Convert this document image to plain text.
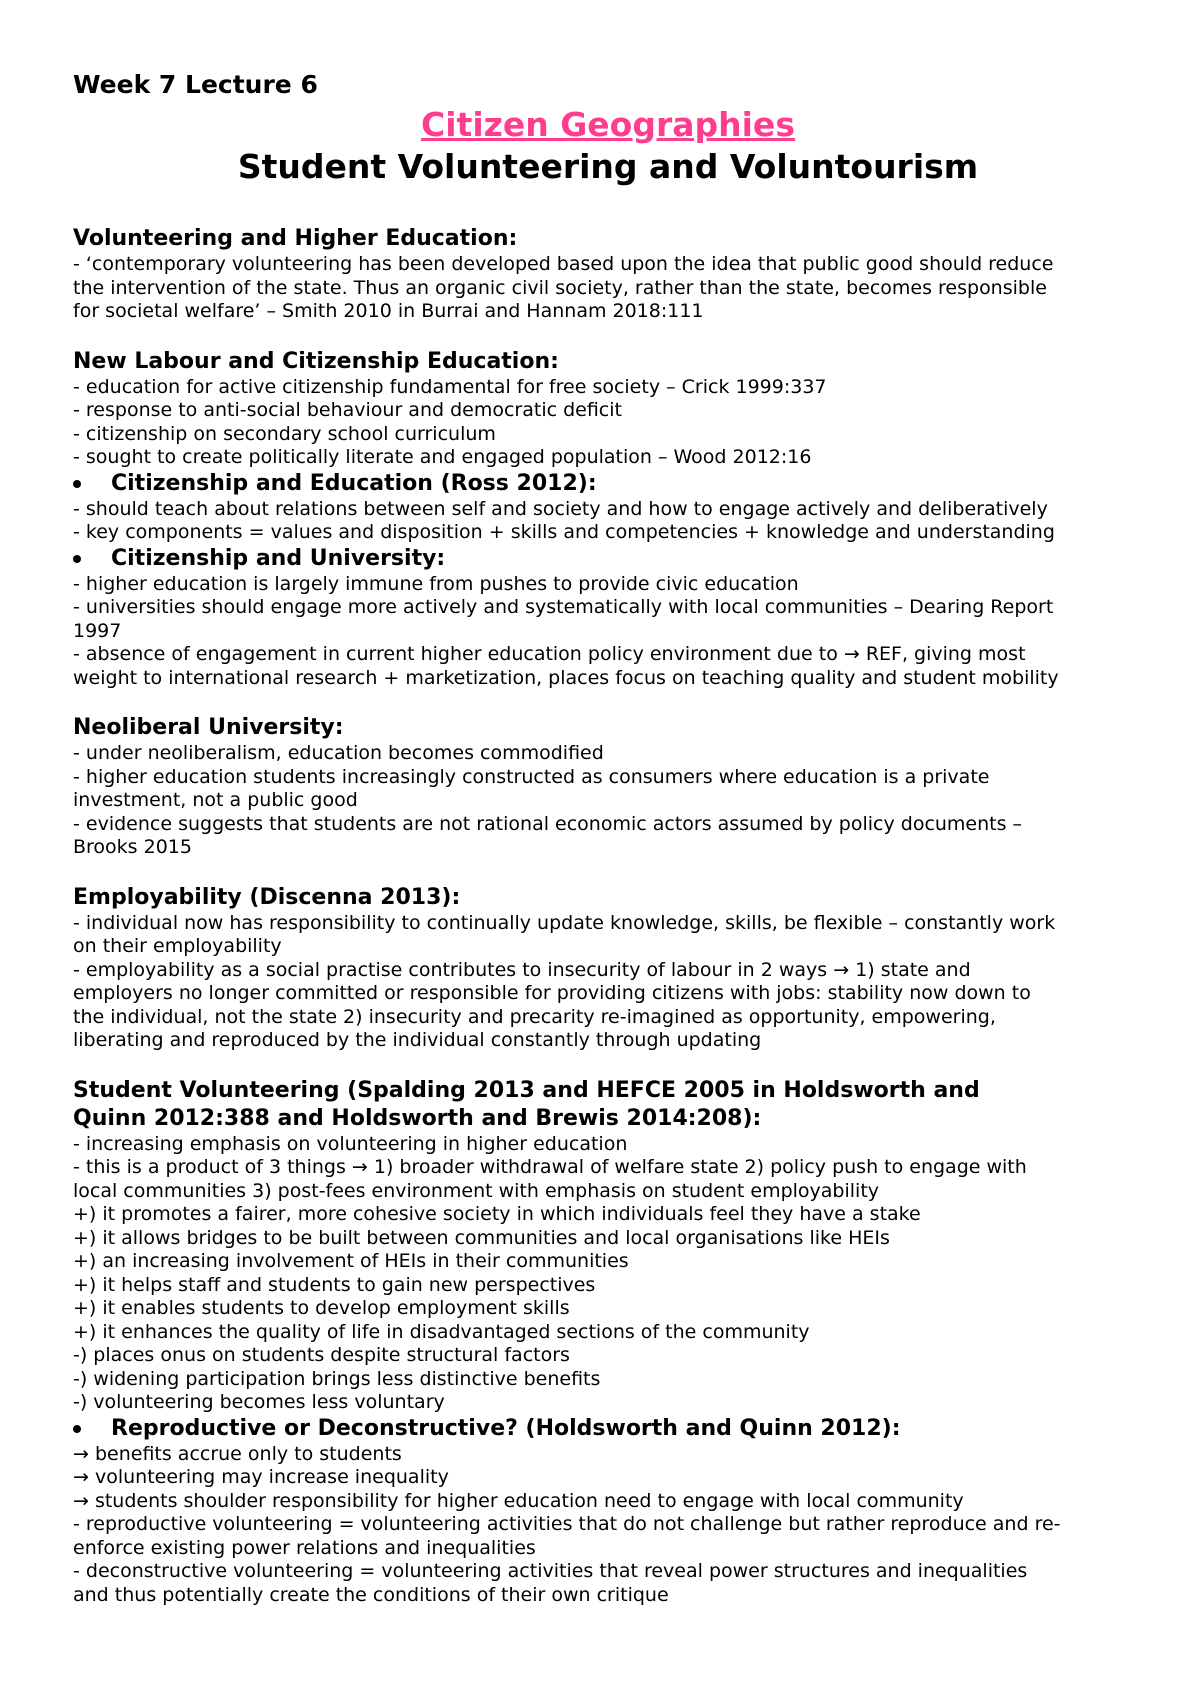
Week 7 Lecture 6
Citizen Geographies
Student Volunteering and Voluntourism
Volunteering and Higher Education:

- ‘contemporary volunteering has been developed based upon the idea that public good should reduce

the intervention of the state. Thus an organic civil society, rather than the state, becomes responsible

for societal welfare’ – Smith 2010 in Burrai and Hannam 2018:111

New Labour and Citizenship Education:

- education for active citizenship fundamental for free society – Crick 1999:337

- response to anti-social behaviour and democratic deficit

- citizenship on secondary school curriculum

- sought to create politically literate and engaged population – Wood 2012:16

Citizenship and Education (Ross 2012):

- should teach about relations between self and society and how to engage actively and deliberatively

- key components = values and disposition + skills and competencies + knowledge and understanding

Citizenship and University:

- higher education is largely immune from pushes to provide civic education

- universities should engage more actively and systematically with local communities – Dearing Report

1997

- absence of engagement in current higher education policy environment due to → REF, giving most

weight to international research + marketization, places focus on teaching quality and student mobility

Neoliberal University:

- under neoliberalism, education becomes commodified

- higher education students increasingly constructed as consumers where education is a private

investment, not a public good

- evidence suggests that students are not rational economic actors assumed by policy documents –

Brooks 2015

Employability (Discenna 2013):

- individual now has responsibility to continually update knowledge, skills, be flexible – constantly work

on their employability

- employability as a social practise contributes to insecurity of labour in 2 ways → 1) state and

employers no longer committed or responsible for providing citizens with jobs: stability now down to

the individual, not the state 2) insecurity and precarity re-imagined as opportunity, empowering,

liberating and reproduced by the individual constantly through updating

Student Volunteering (Spalding 2013 and HEFCE 2005 in Holdsworth and
Quinn 2012:388 and Holdsworth and Brewis 2014:208):

- increasing emphasis on volunteering in higher education

- this is a product of 3 things → 1) broader withdrawal of welfare state 2) policy push to engage with

local communities 3) post-fees environment with emphasis on student employability

+) it promotes a fairer, more cohesive society in which individuals feel they have a stake

+) it allows bridges to be built between communities and local organisations like HEIs

+) an increasing involvement of HEIs in their communities

+) it helps staff and students to gain new perspectives

+) it enables students to develop employment skills

+) it enhances the quality of life in disadvantaged sections of the community

-) places onus on students despite structural factors

-) widening participation brings less distinctive benefits

-) volunteering becomes less voluntary

Reproductive or Deconstructive? (Holdsworth and Quinn 2012):

→ benefits accrue only to students

→ volunteering may increase inequality

→ students shoulder responsibility for higher education need to engage with local community

- reproductive volunteering = volunteering activities that do not challenge but rather reproduce and re-

enforce existing power relations and inequalities

- deconstructive volunteering = volunteering activities that reveal power structures and inequalities

and thus potentially create the conditions of their own critique
